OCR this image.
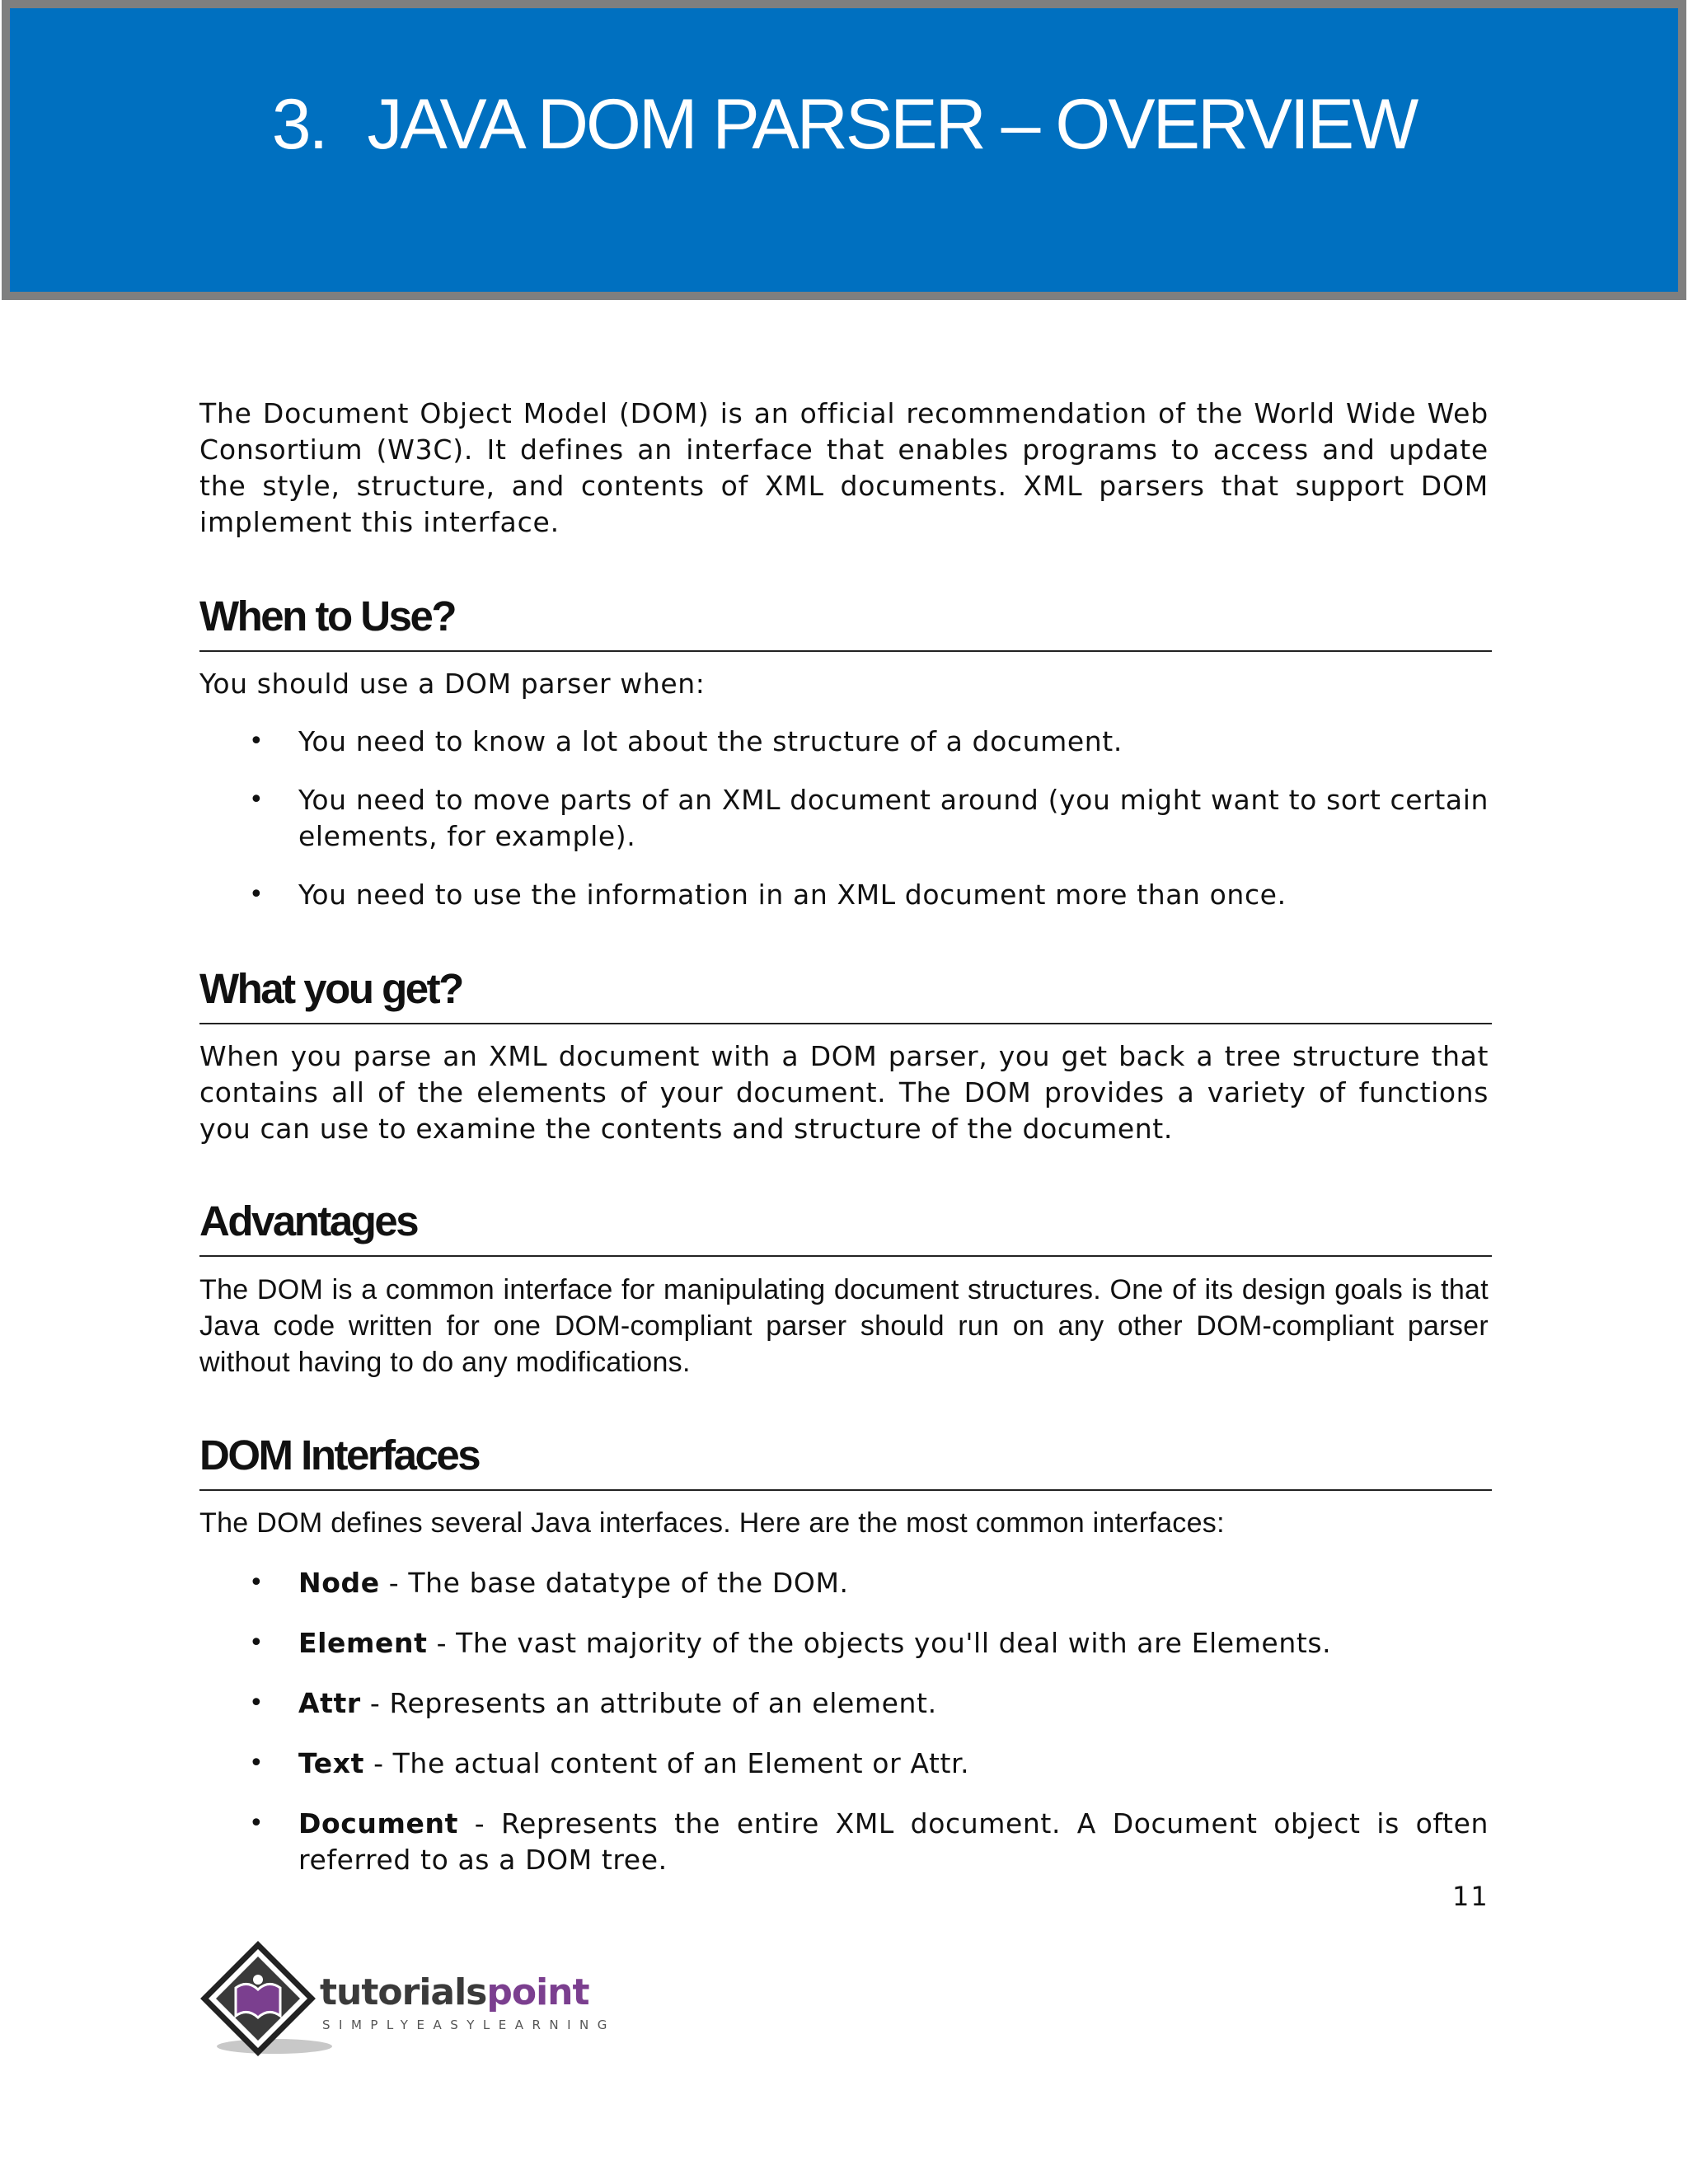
3. JAVA DOM PARSER – OVERVIEW

The Document Object Model (DOM) is an official recommendation of the World Wide Web Consortium (W3C). It defines an interface that enables programs to access and update the style, structure, and contents of XML documents. XML parsers that support DOM implement this interface.

When to Use?

You should use a DOM parser when:

• You need to know a lot about the structure of a document.
• You need to move parts of an XML document around (you might want to sort certain elements, for example).
• You need to use the information in an XML document more than once.
What you get?

When you parse an XML document with a DOM parser, you get back a tree structure that contains all of the elements of your document. The DOM provides a variety of functions you can use to examine the contents and structure of the document.

Advantages

The DOM is a common interface for manipulating document structures. One of its design goals is that Java code written for one DOM-compliant parser should run on any other DOM-compliant parser without having to do any modifications.

DOM Interfaces

The DOM defines several Java interfaces. Here are the most common interfaces:

• Node - The base datatype of the DOM.
• Element - The vast majority of the objects you'll deal with are Elements.
• Attr - Represents an attribute of an element.
• Text - The actual content of an Element or Attr.
• Document - Represents the entire XML document. A Document object is often referred to as a DOM tree.
11
tutorialspoint
SIMPLYEASYLEARNING
